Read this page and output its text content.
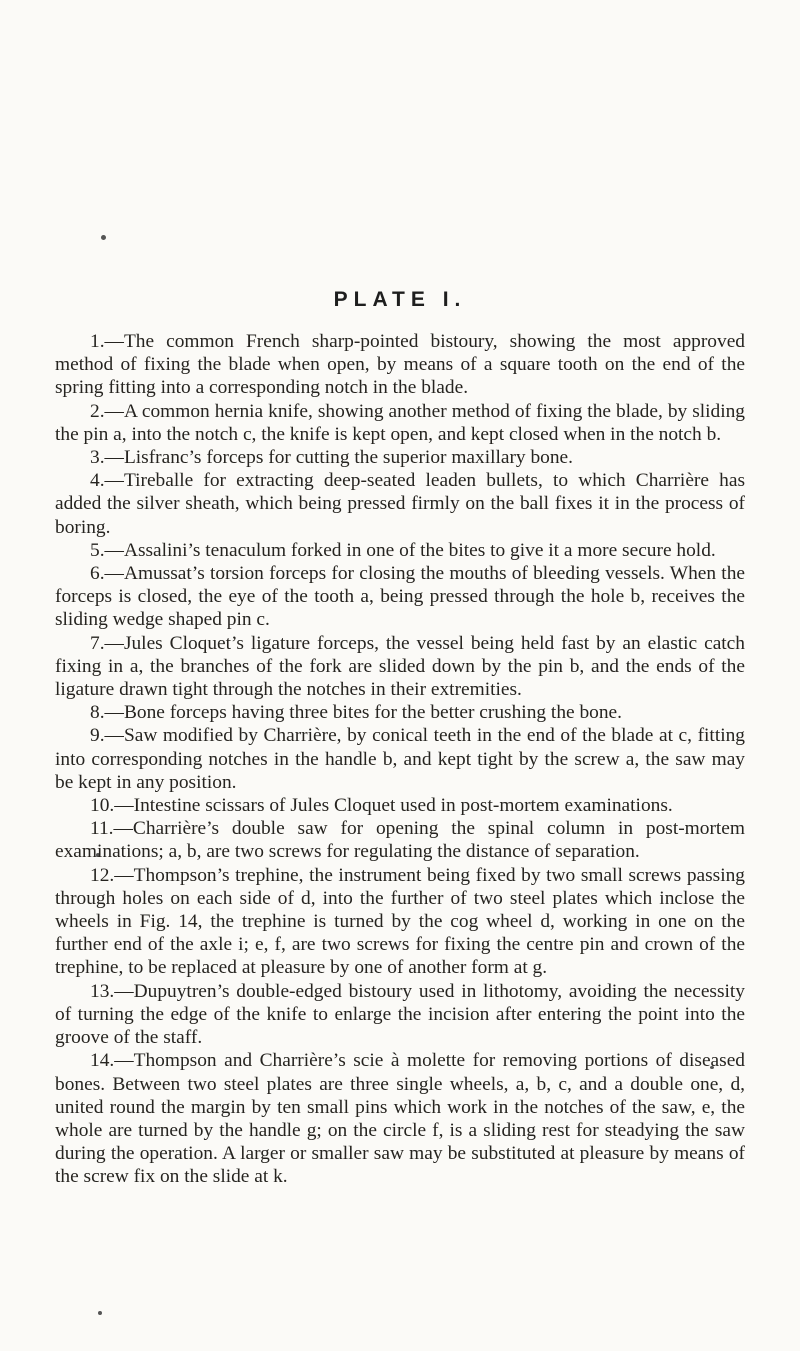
PLATE I.

1.—The common French sharp-pointed bistoury, showing the most approved method of fixing the blade when open, by means of a square tooth on the end of the spring fitting into a corresponding notch in the blade.

2.—A common hernia knife, showing another method of fixing the blade, by sliding the pin a, into the notch c, the knife is kept open, and kept closed when in the notch b.

3.—Lisfranc’s forceps for cutting the superior maxillary bone.

4.—Tireballe for extracting deep-seated leaden bullets, to which Charrière has added the silver sheath, which being pressed firmly on the ball fixes it in the process of boring.

5.—Assalini’s tenaculum forked in one of the bites to give it a more secure hold.

6.—Amussat’s torsion forceps for closing the mouths of bleeding vessels. When the forceps is closed, the eye of the tooth a, being pressed through the hole b, receives the sliding wedge shaped pin c.

7.—Jules Cloquet’s ligature forceps, the vessel being held fast by an elastic catch fixing in a, the branches of the fork are slided down by the pin b, and the ends of the ligature drawn tight through the notches in their extremities.

8.—Bone forceps having three bites for the better crushing the bone.

9.—Saw modified by Charrière, by conical teeth in the end of the blade at c, fitting into corresponding notches in the handle b, and kept tight by the screw a, the saw may be kept in any position.

10.—Intestine scissars of Jules Cloquet used in post-mortem examinations.

11.—Charrière’s double saw for opening the spinal column in post-mortem examinations; a, b, are two screws for regulating the distance of separation.

12.—Thompson’s trephine, the instrument being fixed by two small screws passing through holes on each side of d, into the further of two steel plates which inclose the wheels in Fig. 14, the trephine is turned by the cog wheel d, working in one on the further end of the axle i; e, f, are two screws for fixing the centre pin and crown of the trephine, to be replaced at pleasure by one of another form at g.

13.—Dupuytren’s double-edged bistoury used in lithotomy, avoiding the necessity of turning the edge of the knife to enlarge the incision after entering the point into the groove of the staff.

14.—Thompson and Charrière’s scie à molette for removing portions of diseased bones. Between two steel plates are three single wheels, a, b, c, and a double one, d, united round the margin by ten small pins which work in the notches of the saw, e, the whole are turned by the handle g; on the circle f, is a sliding rest for steadying the saw during the operation. A larger or smaller saw may be substituted at pleasure by means of the screw fix on the slide at k.
